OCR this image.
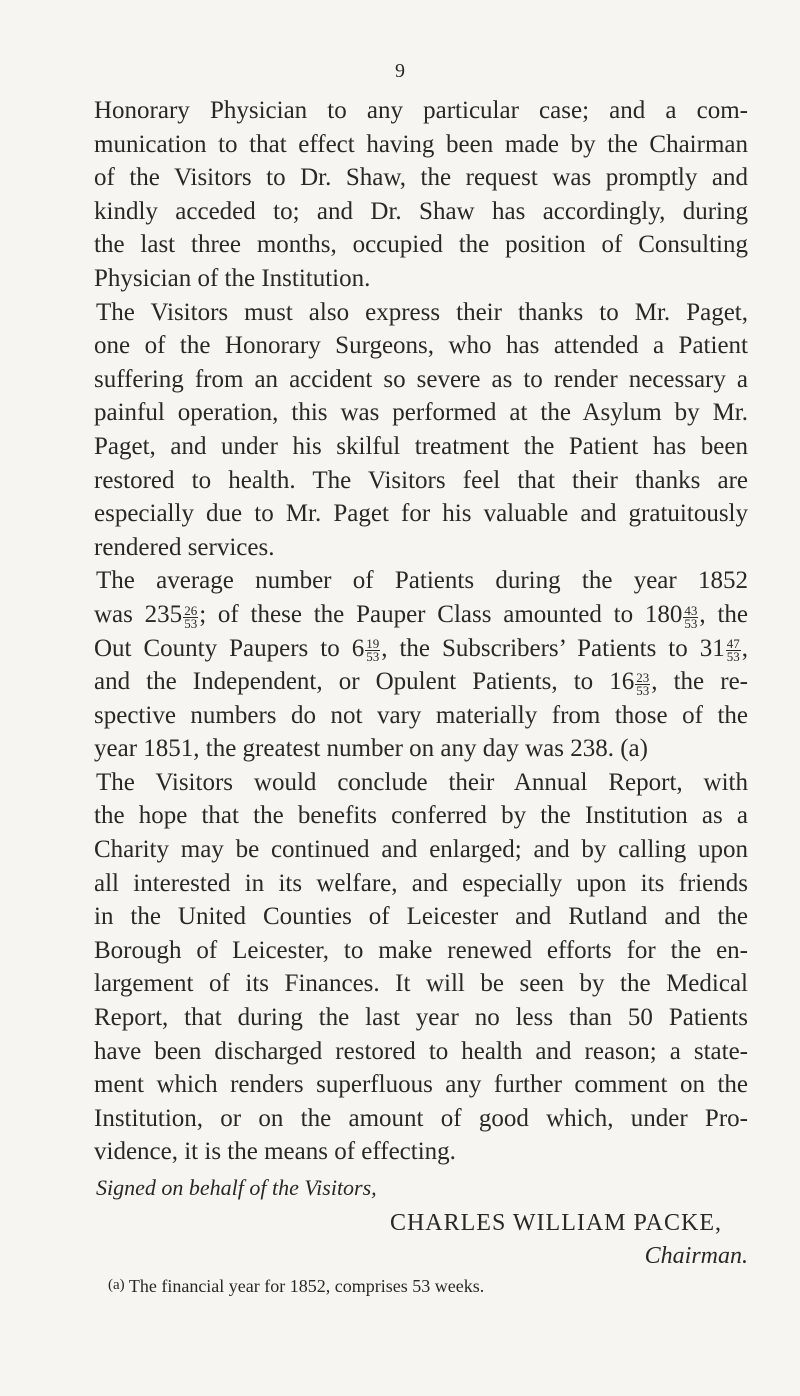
9
Honorary Physician to any particular case; and a com-
munication to that effect having been made by the Chairman
of the Visitors to Dr. Shaw, the request was promptly and
kindly acceded to; and Dr. Shaw has accordingly, during
the last three months, occupied the position of Consulting
Physician of the Institution.
The Visitors must also express their thanks to Mr. Paget,
one of the Honorary Surgeons, who has attended a Patient
suffering from an accident so severe as to render necessary a
painful operation, this was performed at the Asylum by Mr.
Paget, and under his skilful treatment the Patient has been
restored to health. The Visitors feel that their thanks are
especially due to Mr. Paget for his valuable and gratuitously
rendered services.
The average number of Patients during the year 1852
was $235 \frac{26}{53}$ ; of these the Pauper Class amounted to $180 \frac{43}{53}$ , the
Out County Paupers to $6 \frac{19}{53}$ , the Subscribers’ Patients to $31 \frac{47}{53}$ ,
and the Independent, or Opulent Patients, to $16 \frac{23}{53}$ , the re-
spective numbers do not vary materially from those of the
year 1851, the greatest number on any day was 238. (a)
The Visitors would conclude their Annual Report, with
the hope that the benefits conferred by the Institution as a
Charity may be continued and enlarged; and by calling upon
all interested in its welfare, and especially upon its friends
in the United Counties of Leicester and Rutland and the
Borough of Leicester, to make renewed efforts for the en-
largement of its Finances. It will be seen by the Medical
Report, that during the last year no less than 50 Patients
have been discharged restored to health and reason; a state-
ment which renders superfluous any further comment on the
Institution, or on the amount of good which, under Pro-
vidence, it is the means of effecting.
Signed on behalf of the Visitors,
CHARLES WILLIAM PACKE,
Chairman.
(a) The financial year for 1852, comprises 53 weeks.
